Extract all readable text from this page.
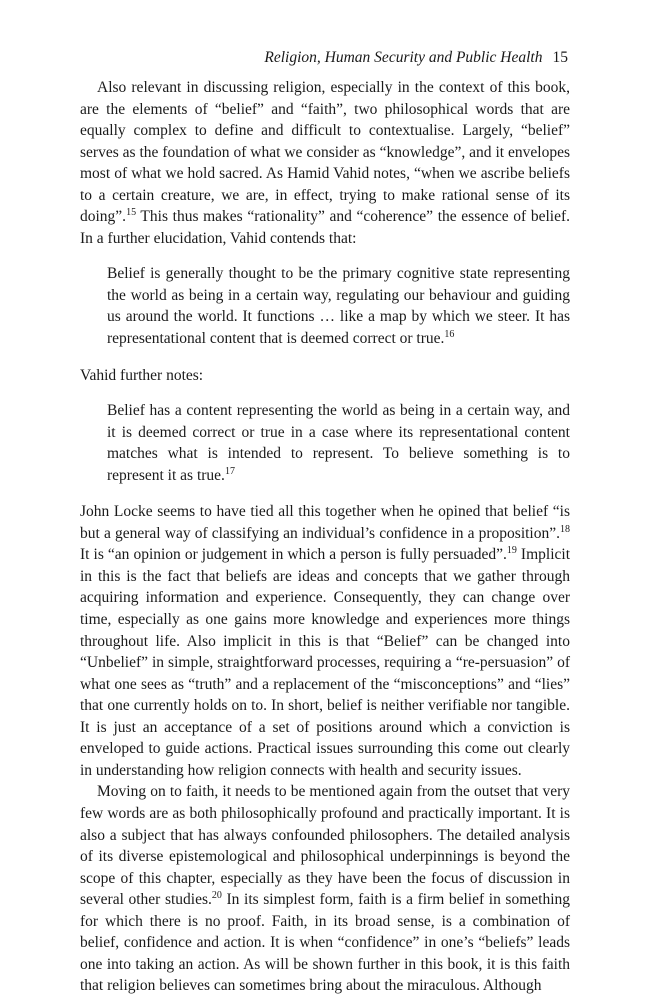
Religion, Human Security and Public Health 15

Also relevant in discussing religion, especially in the context of this book, are the elements of “belief” and “faith”, two philosophical words that are equally complex to define and difficult to contextualise. Largely, “belief” serves as the foundation of what we consider as “knowledge”, and it envelopes most of what we hold sacred. As Hamid Vahid notes, “when we ascribe beliefs to a certain creature, we are, in effect, trying to make rational sense of its doing”.$^{15}$ This thus makes “rationality” and “coherence” the essence of belief. In a further elucidation, Vahid contends that:

Belief is generally thought to be the primary cognitive state representing the world as being in a certain way, regulating our behaviour and guiding us around the world. It functions … like a map by which we steer. It has representational content that is deemed correct or true.$^{16}$

Vahid further notes:

Belief has a content representing the world as being in a certain way, and it is deemed correct or true in a case where its representational content matches what is intended to represent. To believe something is to represent it as true.$^{17}$

John Locke seems to have tied all this together when he opined that belief “is but a general way of classifying an individual’s confidence in a proposition”.$^{18}$ It is “an opinion or judgement in which a person is fully persuaded”.$^{19}$ Implicit in this is the fact that beliefs are ideas and concepts that we gather through acquiring information and experience. Consequently, they can change over time, especially as one gains more knowledge and experiences more things throughout life. Also implicit in this is that “Belief” can be changed into “Unbelief” in simple, straightforward processes, requiring a “re-persuasion” of what one sees as “truth” and a replacement of the “misconceptions” and “lies” that one currently holds on to. In short, belief is neither verifiable nor tangible. It is just an acceptance of a set of positions around which a conviction is enveloped to guide actions. Practical issues surrounding this come out clearly in understanding how religion connects with health and security issues.

Moving on to faith, it needs to be mentioned again from the outset that very few words are as both philosophically profound and practically important. It is also a subject that has always confounded philosophers. The detailed analysis of its diverse epistemological and philosophical underpinnings is beyond the scope of this chapter, especially as they have been the focus of discussion in several other studies.$^{20}$ In its simplest form, faith is a firm belief in something for which there is no proof. Faith, in its broad sense, is a combination of belief, confidence and action. It is when “confidence” in one’s “beliefs” leads one into taking an action. As will be shown further in this book, it is this faith that religion believes can sometimes bring about the miraculous. Although
